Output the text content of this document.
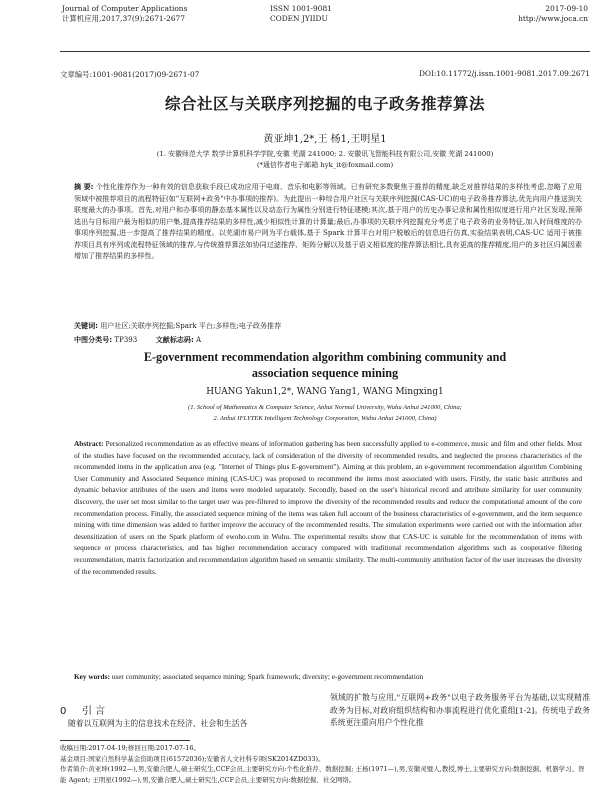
Journal of Computer Applications
计算机应用,2017,37(9):2671-2677
ISSN 1001-9081
CODEN JYIIDU
2017-09-10
http://www.joca.cn
文章编号:1001-9081(2017)09-2671-07	DOI:10.11772/j.issn.1001-9081.2017.09.2671
综合社区与关联序列挖掘的电子政务推荐算法
黄亚坤1,2*,王 杨1,王明星1
(1. 安徽师范大学 数学计算机科学学院,安徽 芜湖 241000; 2. 安徽讯飞智能科技有限公司,安徽 芜湖 241000)
(*通信作者电子邮箱 hyk_it@foxmail.com)
摘 要: 个性化推荐作为一种有效的信息获取手段已成功应用于电商、音乐和电影等领域。已有研究多数聚焦于推荐的精度,缺乏对推荐结果的多样性考虑,忽略了应用领域中被推荐项目的流程特征(如"互联网+政务"中办事项的推荐)。为此提出一种综合用户社区与关联序列挖掘(CAS-UC)的电子政务推荐算法,优先向用户推送到关联度最大的办事项。首先,对用户和办事项的静态基本属性以及动态行为属性分别进行特征建模;其次,基于用户的历史办事记录和属性相似度进行用户社区发现,预筛选出与目标用户最为相似的用户集,提高推荐结果的多样性,减少相似性计算的计算量;最后,办事项的关联序列挖掘充分考虑了电子政务的业务特征,加入时间维度的办事项序列挖掘,进一步提高了推荐结果的精度。以芜湖市易户网为平台载体,基于 Spark 计算平台对用户脱敏后的信息进行仿真,实验结果表明,CAS-UC 适用于被推荐项目具有序列或流程特征领域的推荐,与传统推荐算法如协同过滤推荐、矩阵分解以及基于语义相似度的推荐算法相比,具有更高的推荐精度,用户的多社区归属因素增加了推荐结果的多样性。
关键词: 用户社区;关联序列挖掘;Spark 平台;多样性;电子政务推荐
中图分类号: TP393	文献标志码: A
E-government recommendation algorithm combining community and
association sequence mining
HUANG Yakun1,2*, WANG Yang1, WANG Mingxing1
(1. School of Mathematics & Computer Science, Anhui Normal University, Wuhu Anhui 241000, China;
2. Anhui IFLYTEK Intelligent Technology Corporation, Wuhu Anhui 241000, China)
Abstract: Personalized recommendation as an effective means of information gathering has been successfully applied to e-commerce, music and film and other fields. Most of the studies have focused on the recommended accuracy, lack of consideration of the diversity of recommended results, and neglected the process characteristics of the recommended items in the application area (e.g. "Internet of Things plus E-government"). Aiming at this problem, an e-government recommendation algorithm Combining User Community and Associated Sequence mining (CAS-UC) was proposed to recommend the items most associated with users. Firstly, the static basic attributes and dynamic behavior attributes of the users and items were modeled separately. Secondly, based on the user's historical record and attribute similarity for user community discovery, the user set most similar to the target user was pre-filtered to improve the diversity of the recommended results and reduce the computational amount of the core recommendation process. Finally, the associated sequence mining of the items was taken full account of the business characteristics of e-government, and the item sequence mining with time dimension was added to further improve the accuracy of the recommended results. The simulation experiments were carried out with the information after desensitization of users on the Spark platform of ewoho.com in Wuhu. The experimental results show that CAS-UC is suitable for the recommendation of items with sequence or process characteristics, and has higher recommendation accuracy compared with traditional recommendation algorithms such as cooperative filtering recommendation, matrix factorization and recommendation algorithm based on semantic similarity. The multi-community attribution factor of the user increases the diversity of the recommended results.
Key words: user community; associated sequence mining; Spark framework; diversity; e-government recommendation
0 引 言
随着以互联网为主的信息技术在经济、社会和生活各
领域的扩散与应用,"互联网+政务"以电子政务服务平台为基础,以实现精准政务为目标,对政府组织结构和办事流程进行优化重组[1-2]。传统电子政务系统更注重向用户个性化推

收稿日期:2017-04-19;修回日期:2017-07-16。

基金项目:国家自然科学基金资助项目(61572036);安徽省人文社科专项(SK2014ZD033)。

作者简介:黄亚坤(1992—),男,安徽合肥人,硕士研究生,CCF会员,主要研究方向:个性化推荐、数据挖掘; 王杨(1971—),男,安徽灵璧人,教授,博士,主要研究方向:数据挖掘、机器学习、智能 Agent; 王明星(1992—),男,安徽合肥人,硕士研究生,CCF会员,主要研究方向:数据挖掘、社交网络。
